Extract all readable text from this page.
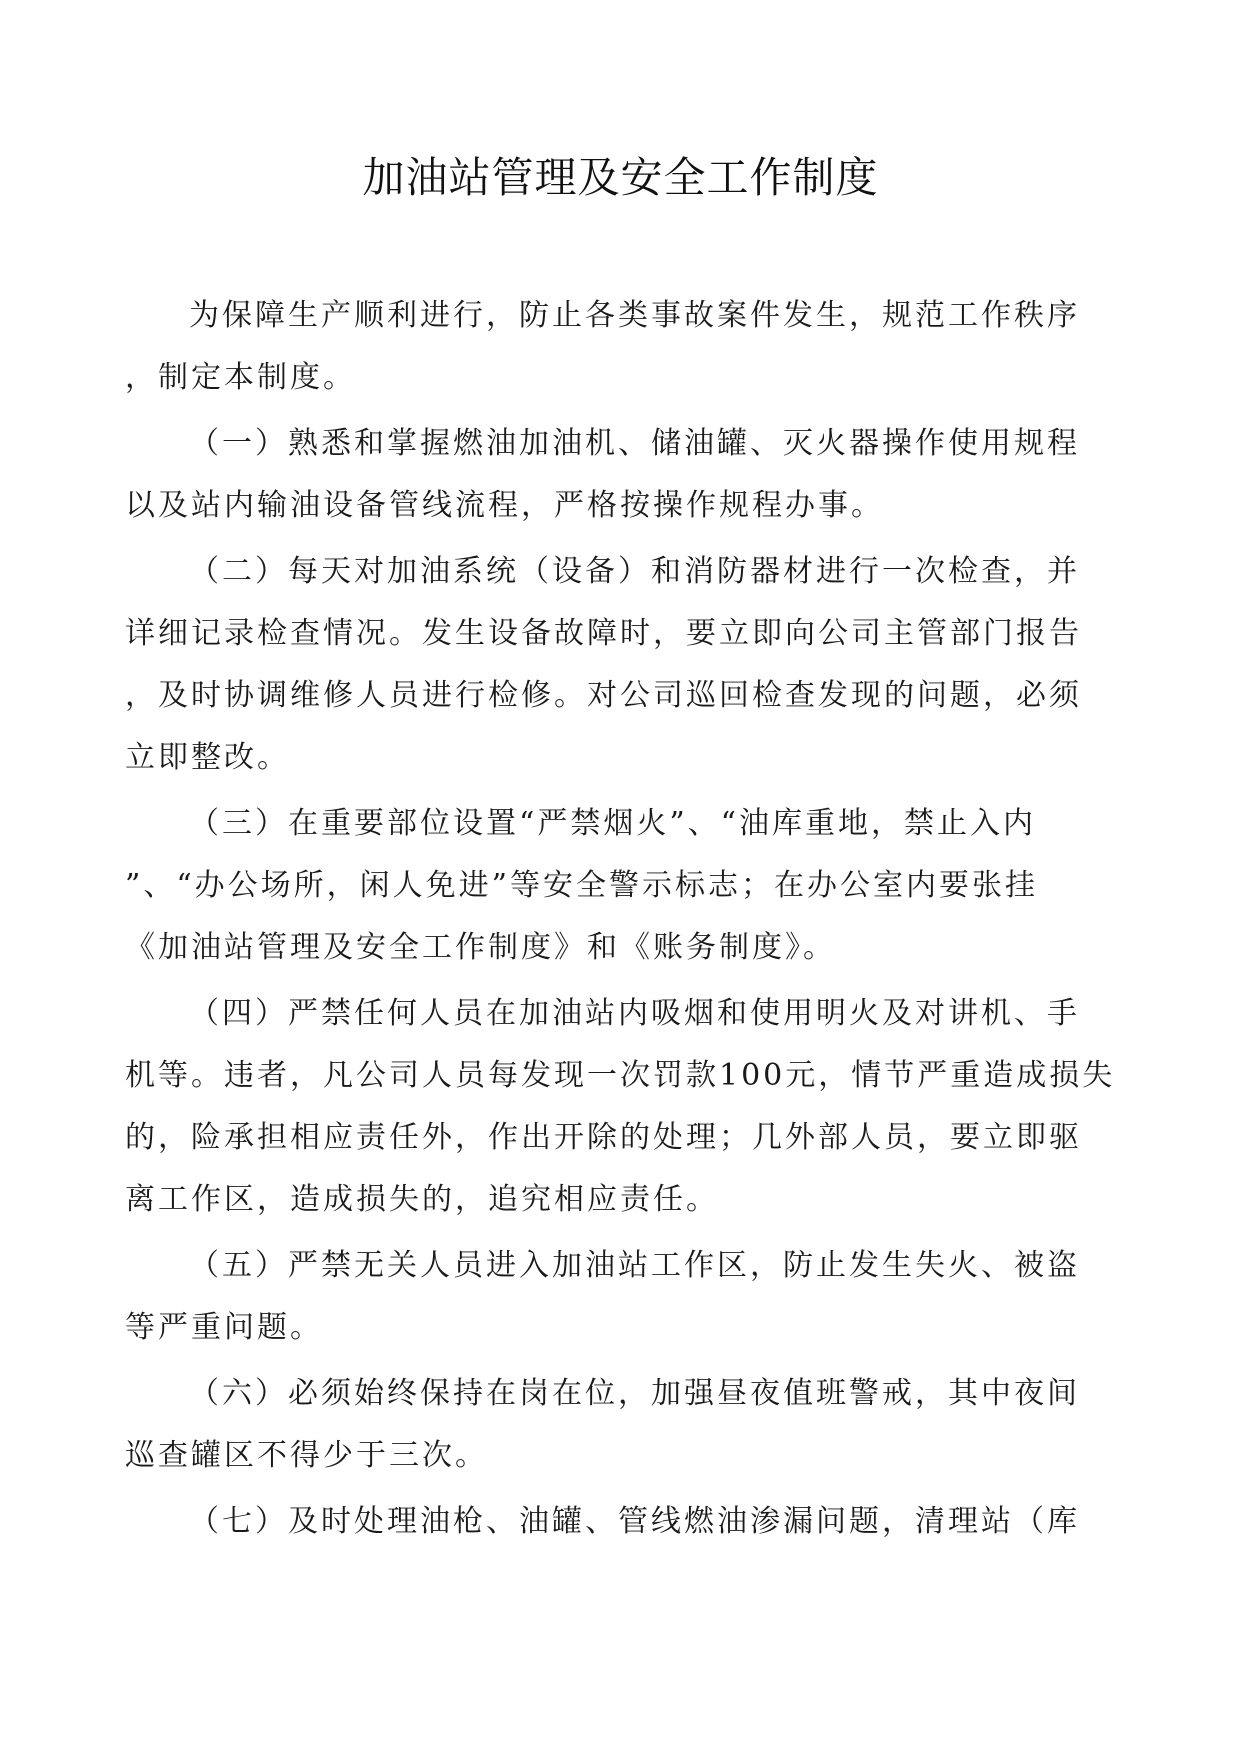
加油站管理及安全工作制度
为保障生产顺利进行，防止各类事故案件发生，规范工作秩序
，制定本制度。
（一）熟悉和掌握燃油加油机、储油罐、灭火器操作使用规程
以及站内输油设备管线流程，严格按操作规程办事。
（二）每天对加油系统（设备）和消防器材进行一次检查，并
详细记录检查情况。发生设备故障时，要立即向公司主管部门报告
，及时协调维修人员进行检修。对公司巡回检查发现的问题，必须
立即整改。
（三）在重要部位设置“严禁烟火”、“油库重地，禁止入内
”、“办公场所，闲人免进”等安全警示标志；在办公室内要张挂
《加油站管理及安全工作制度》和《账务制度》。
（四）严禁任何人员在加油站内吸烟和使用明火及对讲机、手
机等。违者，凡公司人员每发现一次罚款100元，情节严重造成损失
的，险承担相应责任外，作出开除的处理；几外部人员，要立即驱
离工作区，造成损失的，追究相应责任。
（五）严禁无关人员进入加油站工作区，防止发生失火、被盗
等严重问题。
（六）必须始终保持在岗在位，加强昼夜值班警戒，其中夜间
巡查罐区不得少于三次。
（七）及时处理油枪、油罐、管线燃油渗漏问题，清理站（库
